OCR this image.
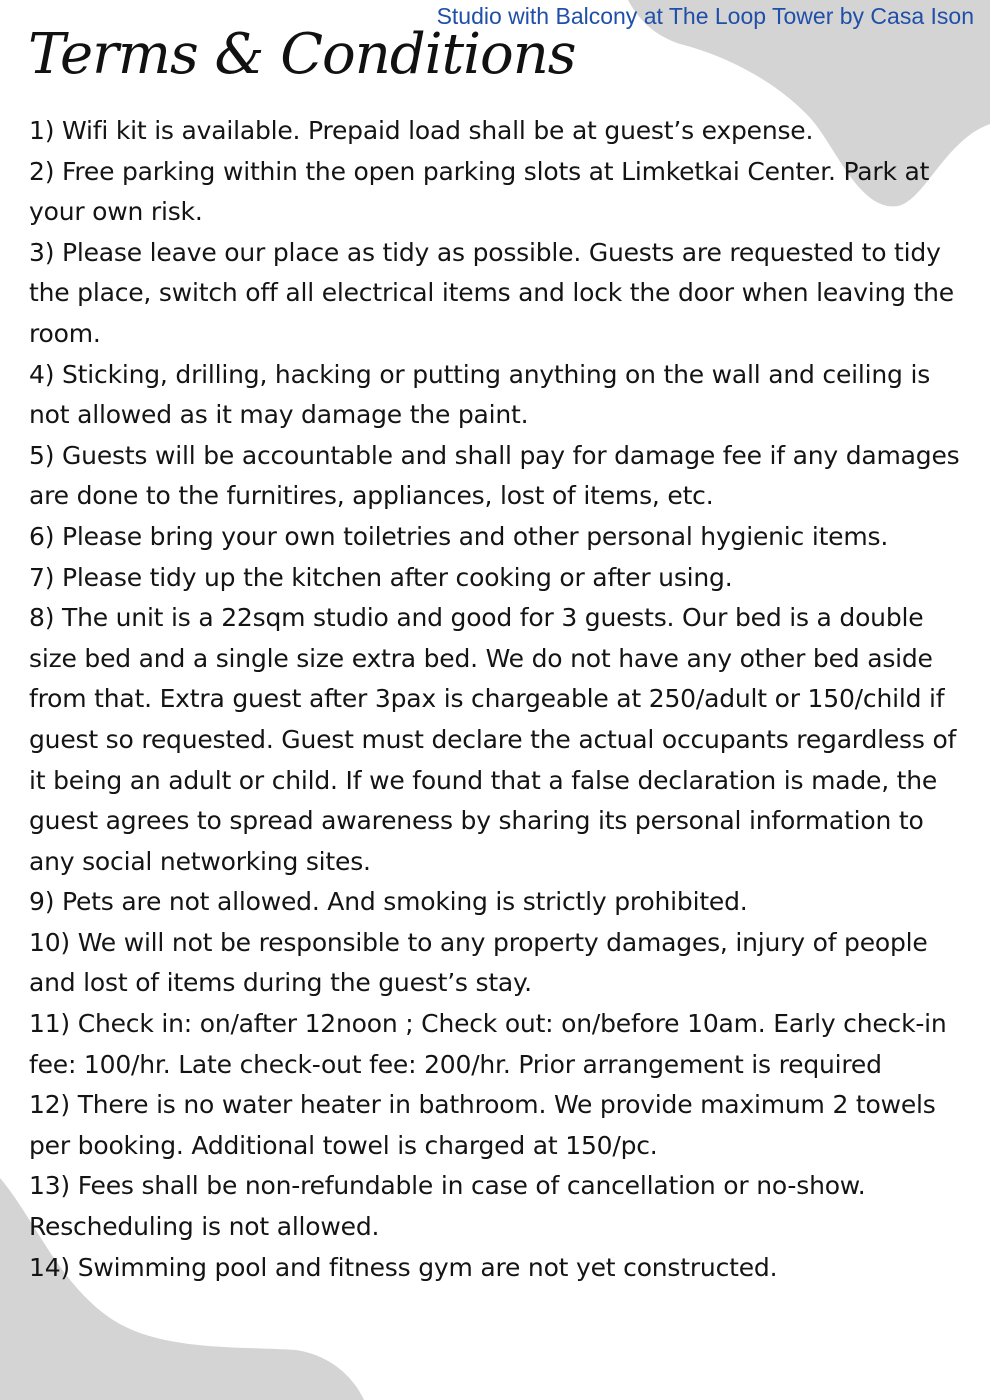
Studio with Balcony at The Loop Tower by Casa Ison
Terms & Conditions
1) Wifi kit is available. Prepaid load shall be at guest’s expense.
2) Free parking within the open parking slots at Limketkai Center. Park at your own risk.
3) Please leave our place as tidy as possible. Guests are requested to tidy the place, switch off all electrical items and lock the door when leaving the room.
4) Sticking, drilling, hacking or putting anything on the wall and ceiling is not allowed as it may damage the paint.
5) Guests will be accountable and shall pay for damage fee if any damages are done to the furnitires, appliances, lost of items, etc.
6) Please bring your own toiletries and other personal hygienic items.
7) Please tidy up the kitchen after cooking or after using.
8) The unit is a 22sqm studio and good for 3 guests. Our bed is a double size bed and a single size extra bed. We do not have any other bed aside from that. Extra guest after 3pax is chargeable at 250/adult or 150/child if guest so requested. Guest must declare the actual occupants regardless of it being an adult or child. If we found that a false declaration is made, the guest agrees to spread awareness by sharing its personal information to any social networking sites.
9) Pets are not allowed. And smoking is strictly prohibited.
10) We will not be responsible to any property damages, injury of people and lost of items during the guest’s stay.
11) Check in: on/after 12noon ; Check out: on/before 10am. Early check-in fee: 100/hr. Late check-out fee: 200/hr. Prior arrangement is required
12) There is no water heater in bathroom. We provide maximum 2 towels per booking. Additional towel is charged at 150/pc.
13) Fees shall be non-refundable in case of cancellation or no-show. Rescheduling is not allowed.
14) Swimming pool and fitness gym are not yet constructed.
